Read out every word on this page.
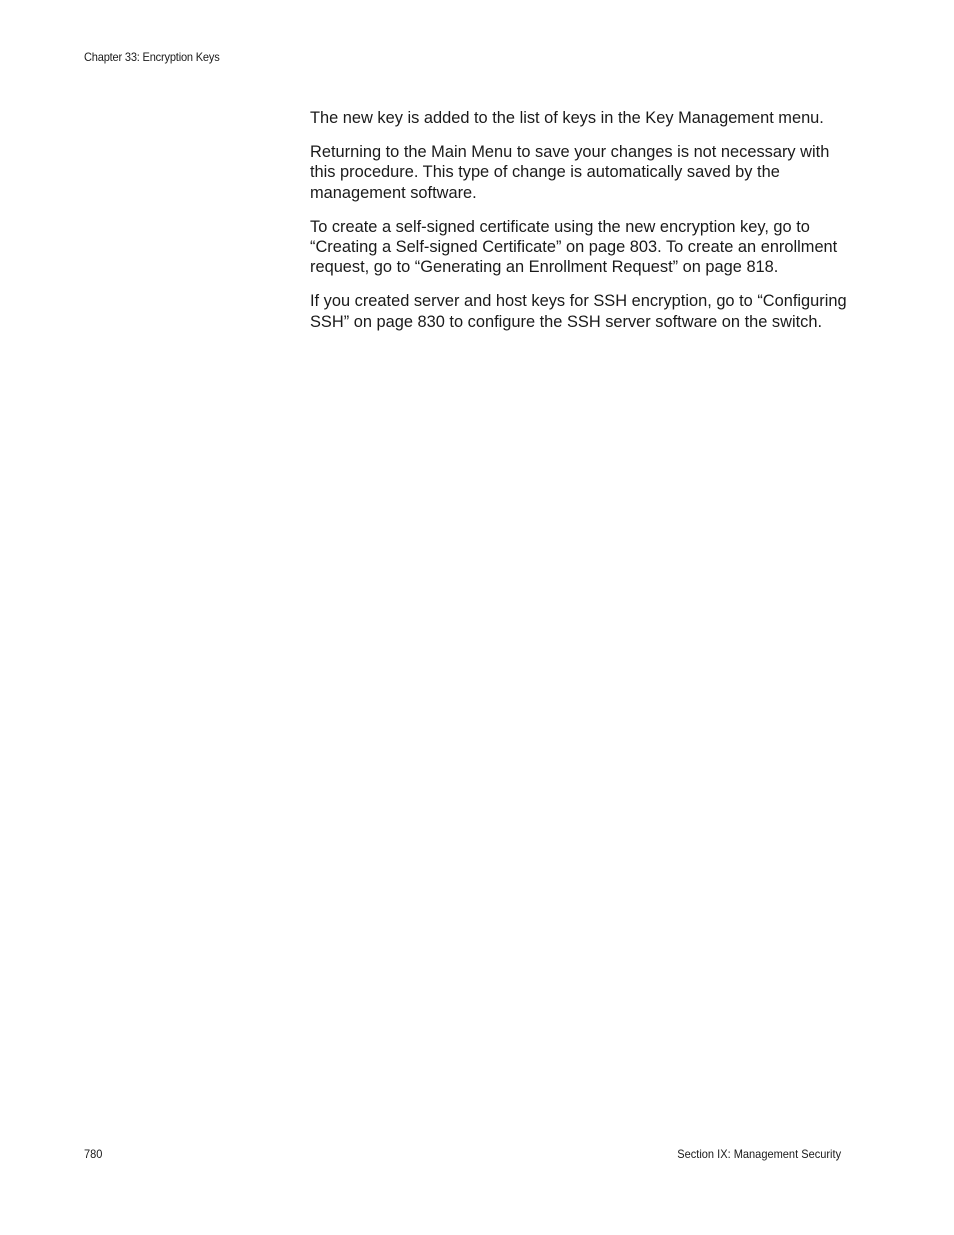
Chapter 33: Encryption Keys

The new key is added to the list of keys in the Key Management menu.

Returning to the Main Menu to save your changes is not necessary with this procedure. This type of change is automatically saved by the management software.

To create a self-signed certificate using the new encryption key, go to “Creating a Self-signed Certificate” on page 803. To create an enrollment request, go to “Generating an Enrollment Request” on page 818.

If you created server and host keys for SSH encryption, go to “Configuring SSH” on page 830 to configure the SSH server software on the switch.

780	Section IX: Management Security
